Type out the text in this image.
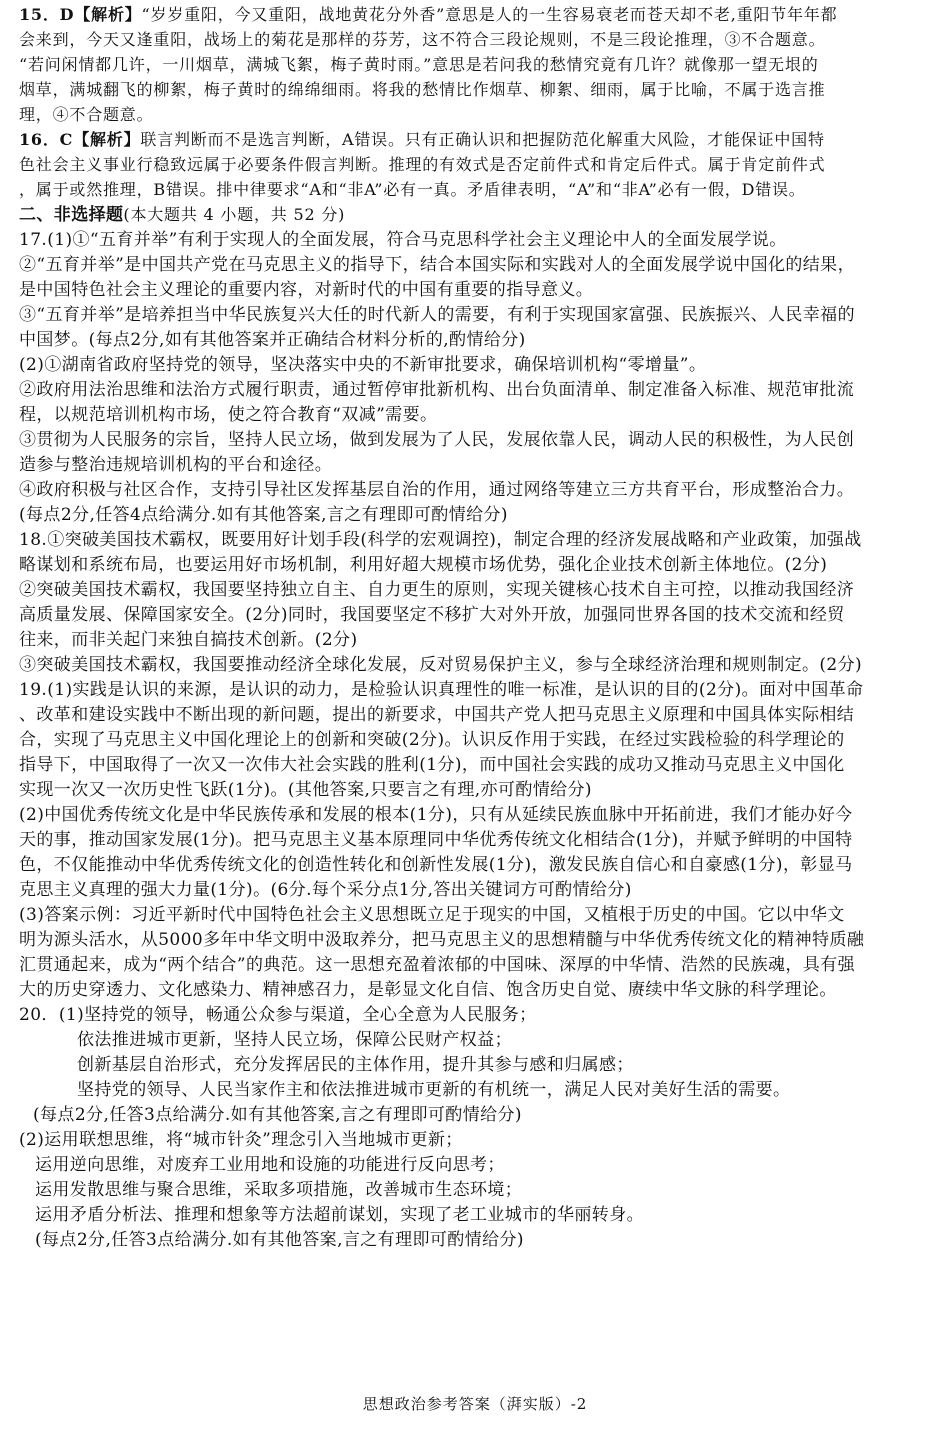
15．D【解析】“岁岁重阳，今又重阳，战地黄花分外香”意思是人的一生容易衰老而苍天却不老,重阳节年年都
会来到，今天又逢重阳，战场上的菊花是那样的芬芳，这不符合三段论规则，不是三段论推理，③不合题意。
“若问闲情都几许，一川烟草，满城飞絮，梅子黄时雨。”意思是若问我的愁情究竟有几许？就像那一望无垠的
烟草，满城翻飞的柳絮，梅子黄时的绵绵细雨。将我的愁情比作烟草、柳絮、细雨，属于比喻，不属于选言推
理，④不合题意。
16．C【解析】联言判断而不是选言判断，A错误。只有正确认识和把握防范化解重大风险，才能保证中国特
色社会主义事业行稳致远属于必要条件假言判断。推理的有效式是否定前件式和肯定后件式。属于肯定前件式
，属于或然推理，B错误。排中律要求“A和“非A”必有一真。矛盾律表明，“A”和“非A”必有一假，D错误。
二、非选择题(本大题共 4 小题，共 52 分)
17.(1)①“五育并举”有利于实现人的全面发展，符合马克思科学社会主义理论中人的全面发展学说。
②“五育并举”是中国共产党在马克思主义的指导下，结合本国实际和实践对人的全面发展学说中国化的结果，
是中国特色社会主义理论的重要内容，对新时代的中国有重要的指导意义。
③“五育并举”是培养担当中华民族复兴大任的时代新人的需要，有利于实现国家富强、民族振兴、人民幸福的
中国梦。(每点2分,如有其他答案并正确结合材料分析的,酌情给分)
(2)①湖南省政府坚持党的领导，坚决落实中央的不新审批要求，确保培训机构“零增量”。
②政府用法治思维和法治方式履行职责，通过暂停审批新机构、出台负面清单、制定准备入标准、规范审批流
程，以规范培训机构市场，使之符合教育“双减”需要。
③贯彻为人民服务的宗旨，坚持人民立场，做到发展为了人民，发展依靠人民，调动人民的积极性，为人民创
造参与整治违规培训机构的平台和途径。
④政府积极与社区合作，支持引导社区发挥基层自治的作用，通过网络等建立三方共育平台，形成整治合力。
(每点2分,任答4点给满分.如有其他答案,言之有理即可酌情给分)
18.①突破美国技术霸权，既要用好计划手段(科学的宏观调控)，制定合理的经济发展战略和产业政策，加强战
略谋划和系统布局，也要运用好市场机制，利用好超大规模市场优势，强化企业技术创新主体地位。(2分)
②突破美国技术霸权，我国要坚持独立自主、自力更生的原则，实现关键核心技术自主可控，以推动我国经济
高质量发展、保障国家安全。(2分)同时，我国要坚定不移扩大对外开放，加强同世界各国的技术交流和经贸
往来，而非关起门来独自搞技术创新。(2分)
③突破美国技术霸权，我国要推动经济全球化发展，反对贸易保护主义，参与全球经济治理和规则制定。(2分)
19.(1)实践是认识的来源，是认识的动力，是检验认识真理性的唯一标准，是认识的目的(2分)。面对中国革命
、改革和建设实践中不断出现的新问题，提出的新要求，中国共产党人把马克思主义原理和中国具体实际相结
合，实现了马克思主义中国化理论上的创新和突破(2分)。认识反作用于实践，在经过实践检验的科学理论的
指导下，中国取得了一次又一次伟大社会实践的胜利(1分)，而中国社会实践的成功又推动马克思主义中国化
实现一次又一次历史性飞跃(1分)。(其他答案,只要言之有理,亦可酌情给分)
(2)中国优秀传统文化是中华民族传承和发展的根本(1分)，只有从延续民族血脉中开拓前进，我们才能办好今
天的事，推动国家发展(1分)。把马克思主义基本原理同中华优秀传统文化相结合(1分)，并赋予鲜明的中国特
色，不仅能推动中华优秀传统文化的创造性转化和创新性发展(1分)，激发民族自信心和自豪感(1分)，彰显马
克思主义真理的强大力量(1分)。(6分.每个采分点1分,答出关键词方可酌情给分)
(3)答案示例：习近平新时代中国特色社会主义思想既立足于现实的中国，又植根于历史的中国。它以中华文
明为源头活水，从5000多年中华文明中汲取养分，把马克思主义的思想精髓与中华优秀传统文化的精神特质融
汇贯通起来，成为“两个结合”的典范。这一思想充盈着浓郁的中国味、深厚的中华情、浩然的民族魂，具有强
大的历史穿透力、文化感染力、精神感召力，是彰显文化自信、饱含历史自觉、赓续中华文脉的科学理论。
20．(1)坚持党的领导，畅通公众参与渠道，全心全意为人民服务；
依法推进城市更新，坚持人民立场，保障公民财产权益；
创新基层自治形式，充分发挥居民的主体作用，提升其参与感和归属感；
坚持党的领导、人民当家作主和依法推进城市更新的有机统一，满足人民对美好生活的需要。
(每点2分,任答3点给满分.如有其他答案,言之有理即可酌情给分)
(2)运用联想思维，将“城市针灸”理念引入当地城市更新；
运用逆向思维，对废弃工业用地和设施的功能进行反向思考；
运用发散思维与聚合思维，采取多项措施，改善城市生态环境；
运用矛盾分析法、推理和想象等方法超前谋划，实现了老工业城市的华丽转身。
(每点2分,任答3点给满分.如有其他答案,言之有理即可酌情给分)
思想政治参考答案（湃实版）-2
